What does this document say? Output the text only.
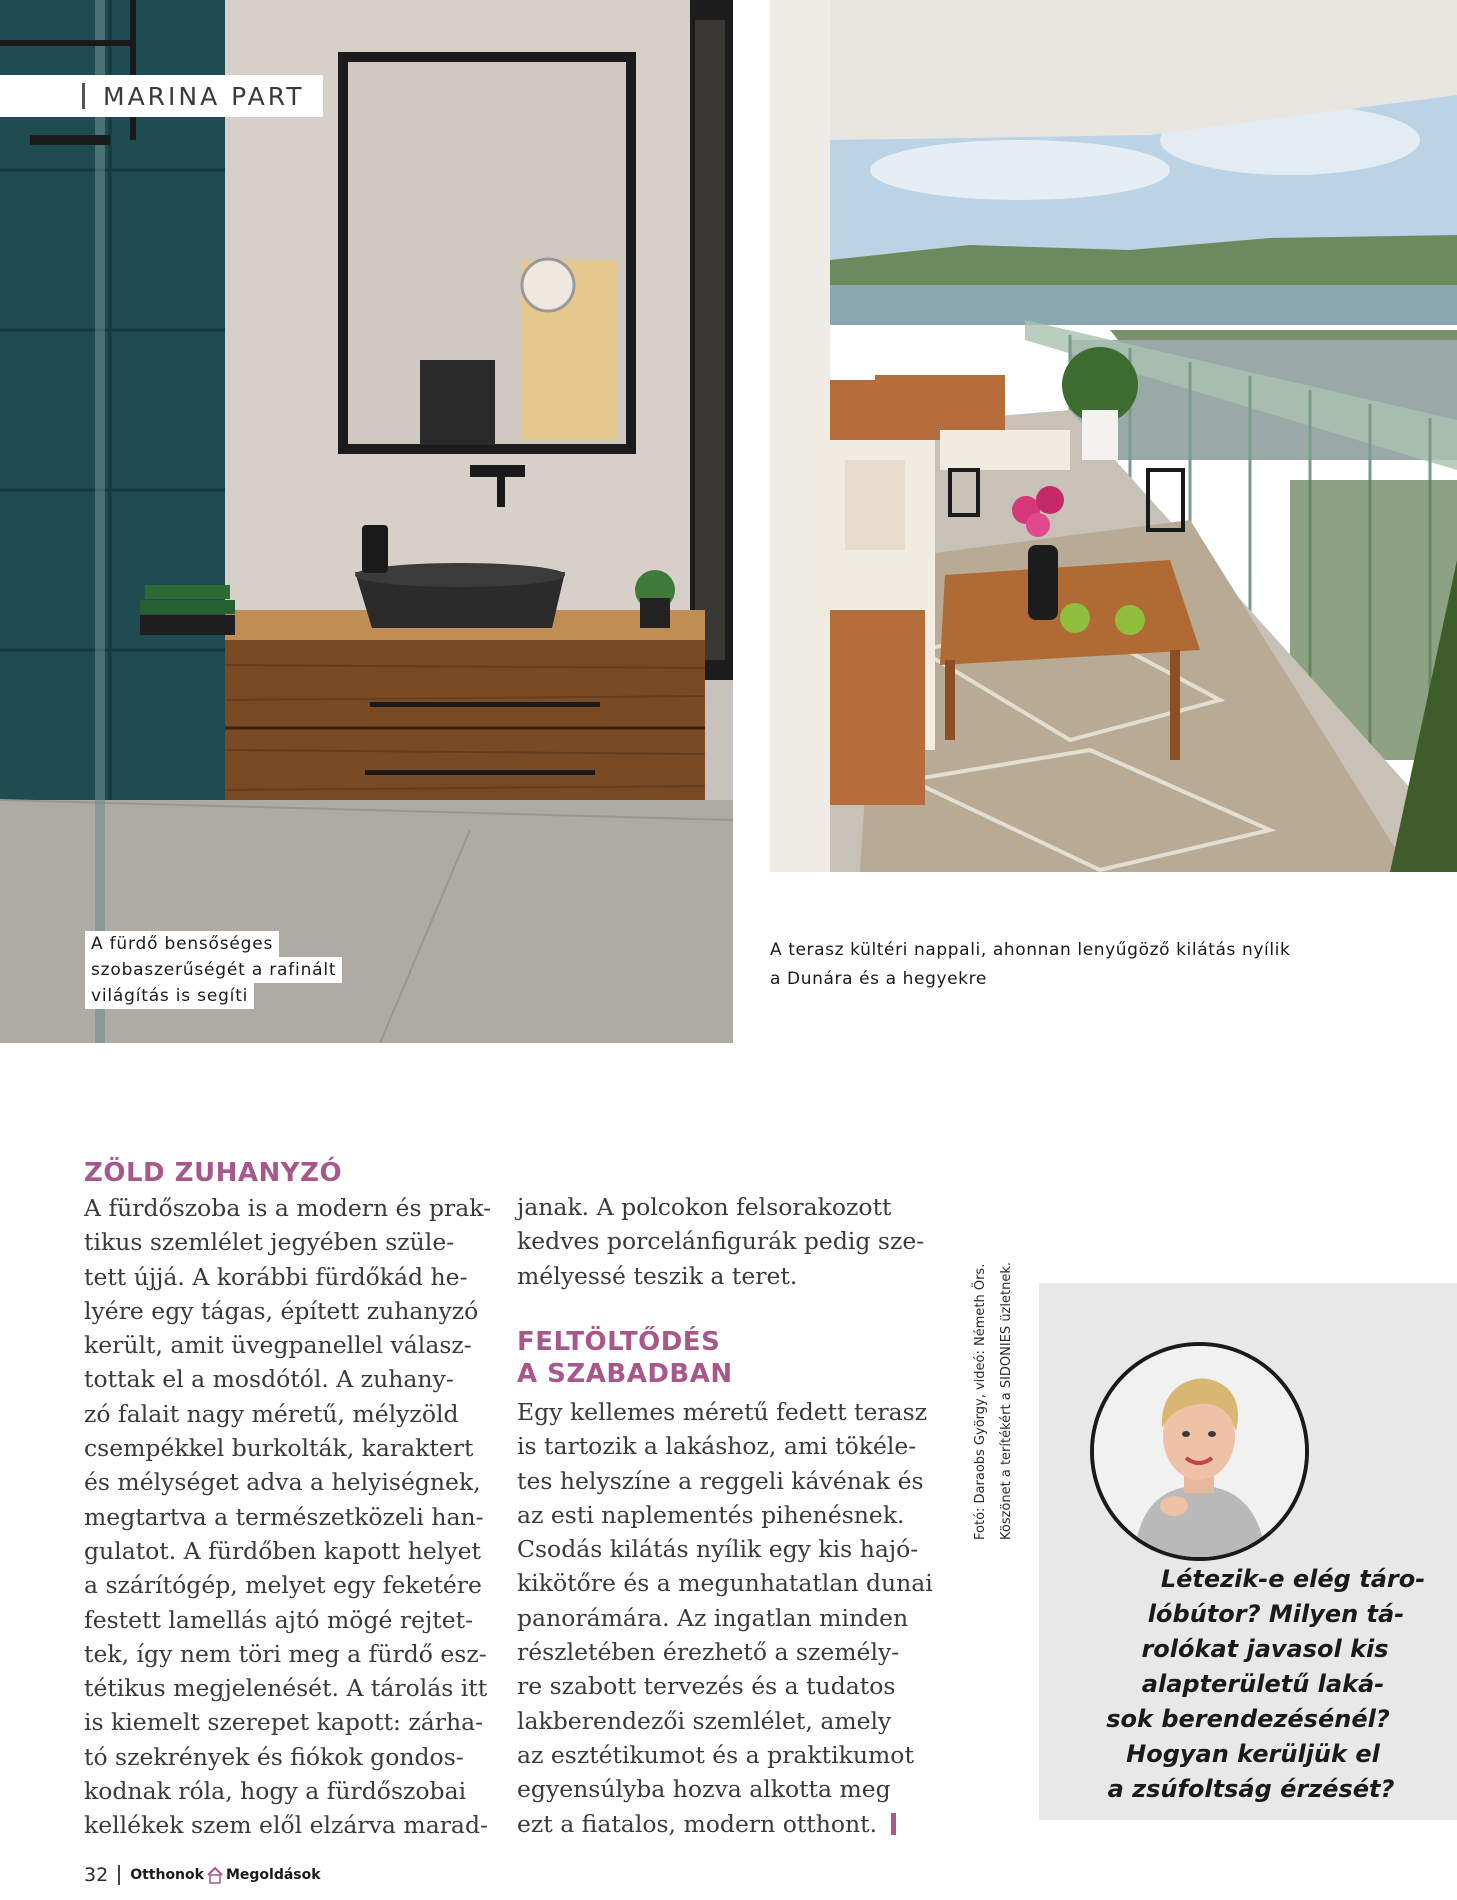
MARINA PART
A fürdő bensőséges
szobaszerűségét a rafinált
világítás is segíti
A terasz kültéri nappali, ahonnan lenyűgöző kilátás nyílik
a Dunára és a hegyekre
ZÖLD ZUHANYZÓ
A fürdőszoba is a modern és prak-
tikus szemlélet jegyében szüle-
tett újjá. A korábbi fürdőkád he-
lyére egy tágas, épített zuhanyzó
került, amit üvegpanellel válasz-
tottak el a mosdótól. A zuhany-
zó falait nagy méretű, mélyzöld
csempékkel burkolták, karaktert
és mélységet adva a helyiségnek,
megtartva a természetközeli han-
gulatot. A fürdőben kapott helyet
a szárítógép, melyet egy feketére
festett lamellás ajtó mögé rejtet-
tek, így nem töri meg a fürdő esz-
tétikus megjelenését. A tárolás itt
is kiemelt szerepet kapott: zárha-
tó szekrények és fiókok gondos-
kodnak róla, hogy a fürdőszobai
kellékek szem elől elzárva marad-
janak. A polcokon felsorakozott
kedves porcelánfigurák pedig sze-
mélyessé teszik a teret.
FELTÖLTŐDÉS
A SZABADBAN
Egy kellemes méretű fedett terasz
is tartozik a lakáshoz, ami tökéle-
tes helyszíne a reggeli kávénak és
az esti naplementés pihenésnek.
Csodás kilátás nyílik egy kis hajó-
kikötőre és a megunhatatlan dunai
panorámára. Az ingatlan minden
részletében érezhető a személy-
re szabott tervezés és a tudatos
lakberendezői szemlélet, amely
az esztétikumot és a praktikumot
egyensúlyba hozva alkotta meg
ezt a fiatalos, modern otthont.
Fotó: Daraobs György, videó: Németh Örs. Köszönet a terítékért a SIDONIES üzletnek.
Létezik-e elég táro-
lóbútor? Milyen tá-
rolókat javasol kis
alapterületű laká-
sok berendezésénél?
Hogyan kerüljük el
a zsúfoltság érzését?
32 Otthonok Megoldások
